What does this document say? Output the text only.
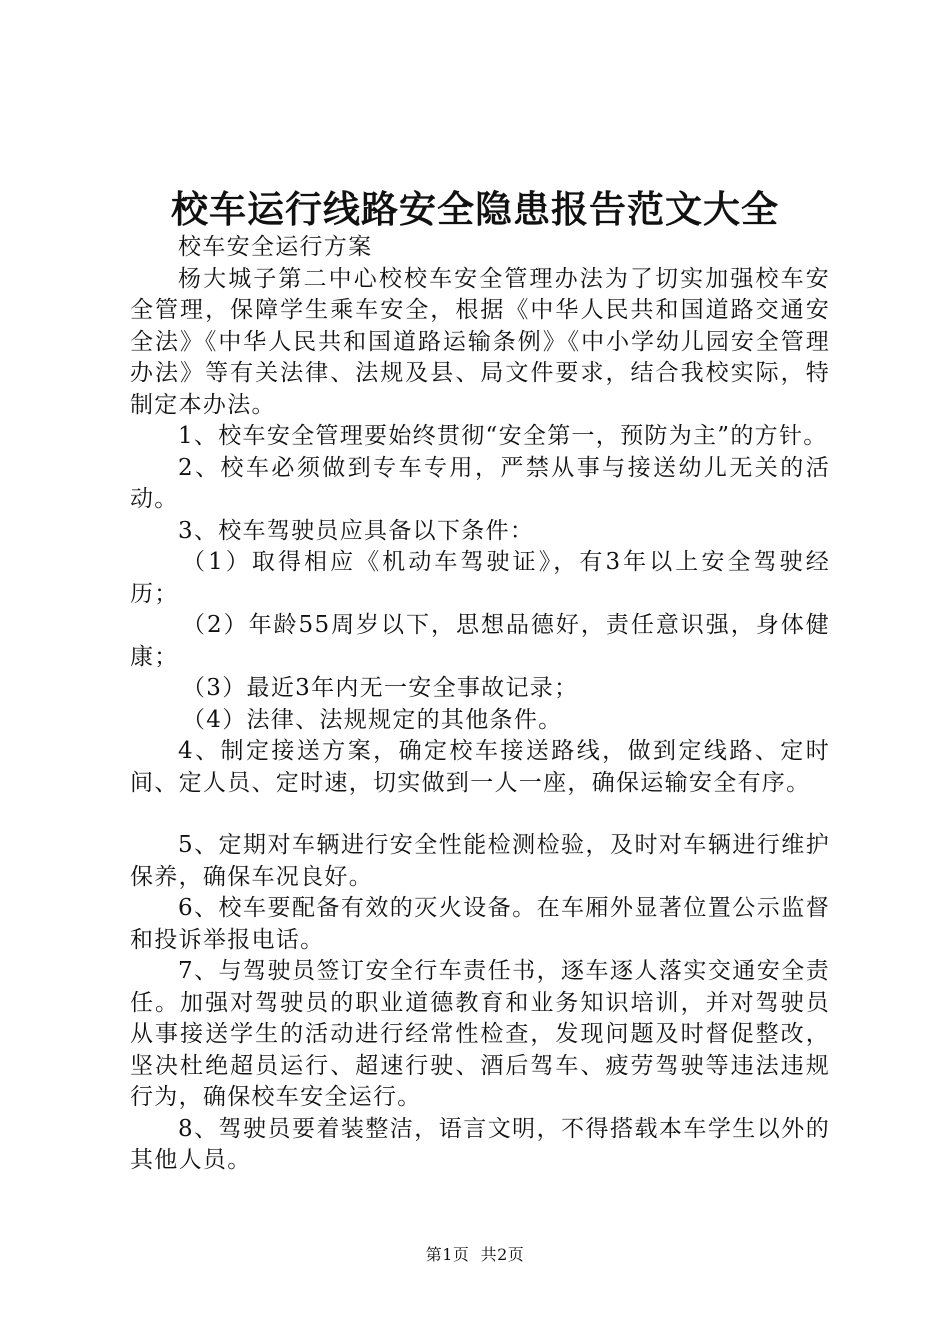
校车运行线路安全隐患报告范文大全

校车安全运行方案

杨大城子第二中心校校车安全管理办法为了切实加强校车安全管理，保障学生乘车安全，根据《中华人民共和国道路交通安全法》《中华人民共和国道路运输条例》《中小学幼儿园安全管理办法》等有关法律、法规及县、局文件要求，结合我校实际，特制定本办法。

1、校车安全管理要始终贯彻“安全第一，预防为主”的方针。

2、校车必须做到专车专用，严禁从事与接送幼儿无关的活动。

3、校车驾驶员应具备以下条件：

（1）取得相应《机动车驾驶证》，有3年以上安全驾驶经历；

（2）年龄55周岁以下，思想品德好，责任意识强，身体健康；

（3）最近3年内无一安全事故记录；

（4）法律、法规规定的其他条件。

4、制定接送方案，确定校车接送路线，做到定线路、定时间、定人员、定时速，切实做到一人一座，确保运输安全有序。

5、定期对车辆进行安全性能检测检验，及时对车辆进行维护保养，确保车况良好。

6、校车要配备有效的灭火设备。在车厢外显著位置公示监督和投诉举报电话。

7、与驾驶员签订安全行车责任书，逐车逐人落实交通安全责任。加强对驾驶员的职业道德教育和业务知识培训，并对驾驶员从事接送学生的活动进行经常性检查，发现问题及时督促整改，坚决杜绝超员运行、超速行驶、酒后驾车、疲劳驾驶等违法违规行为，确保校车安全运行。

8、驾驶员要着装整洁，语言文明，不得搭载本车学生以外的其他人员。

第1页 共2页
